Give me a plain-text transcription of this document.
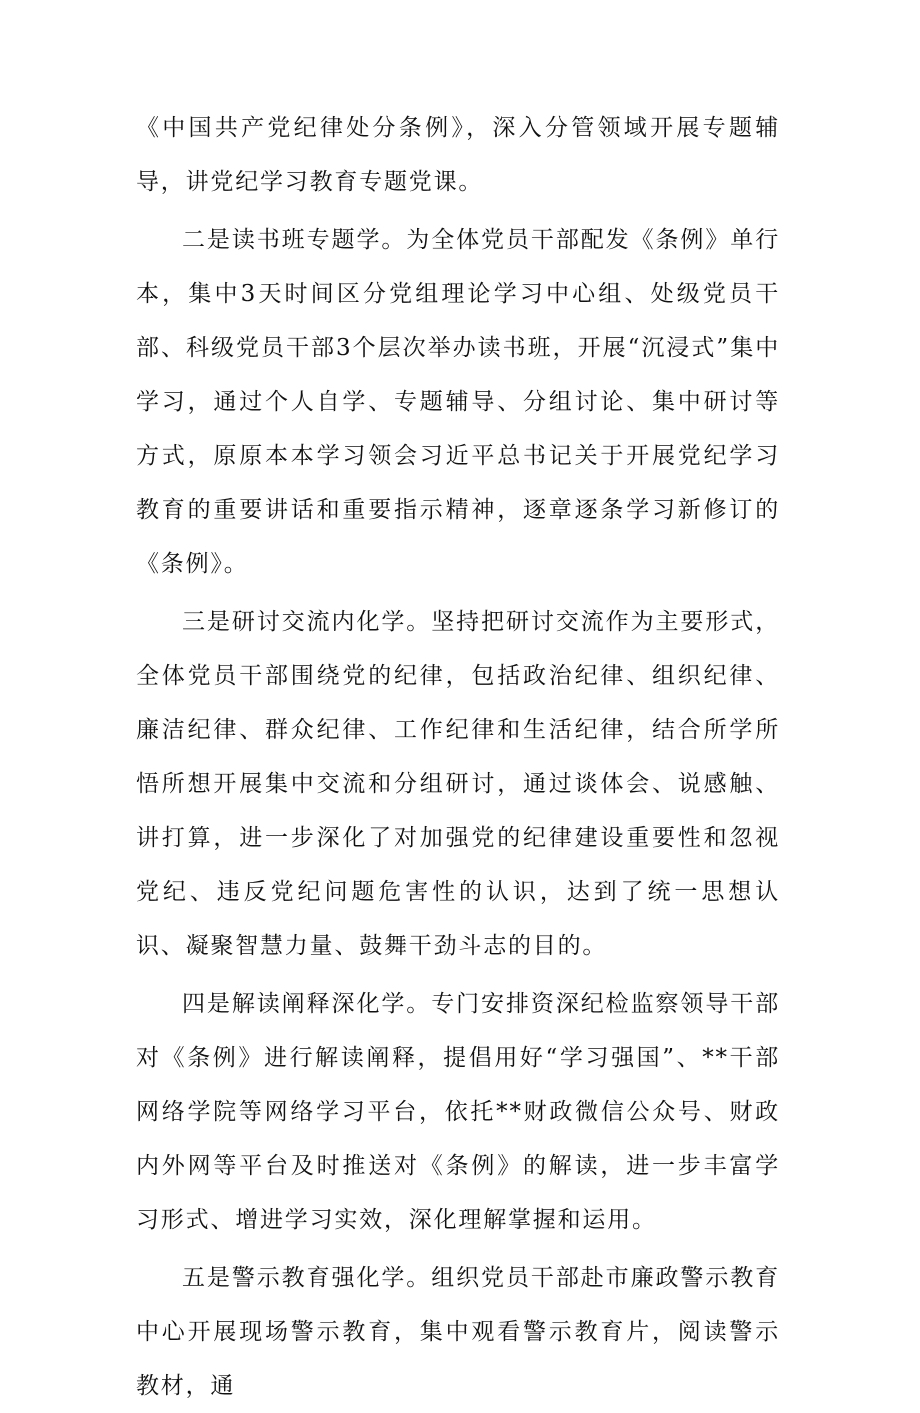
《中国共产党纪律处分条例》，深入分管领域开展专题辅导，讲党纪学习教育专题党课。

二是读书班专题学。为全体党员干部配发《条例》单行本，集中3天时间区分党组理论学习中心组、处级党员干部、科级党员干部3个层次举办读书班，开展“沉浸式”集中学习，通过个人自学、专题辅导、分组讨论、集中研讨等方式，原原本本学习领会习近平总书记关于开展党纪学习教育的重要讲话和重要指示精神，逐章逐条学习新修订的《条例》。

三是研讨交流内化学。坚持把研讨交流作为主要形式，全体党员干部围绕党的纪律，包括政治纪律、组织纪律、廉洁纪律、群众纪律、工作纪律和生活纪律，结合所学所悟所想开展集中交流和分组研讨，通过谈体会、说感触、讲打算，进一步深化了对加强党的纪律建设重要性和忽视党纪、违反党纪问题危害性的认识，达到了统一思想认识、凝聚智慧力量、鼓舞干劲斗志的目的。

四是解读阐释深化学。专门安排资深纪检监察领导干部对《条例》进行解读阐释，提倡用好“学习强国”、**干部网络学院等网络学习平台，依托**财政微信公众号、财政内外网等平台及时推送对《条例》的解读，进一步丰富学习形式、增进学习实效，深化理解掌握和运用。

五是警示教育强化学。组织党员干部赴市廉政警示教育中心开展现场警示教育，集中观看警示教育片，阅读警示教材，通
